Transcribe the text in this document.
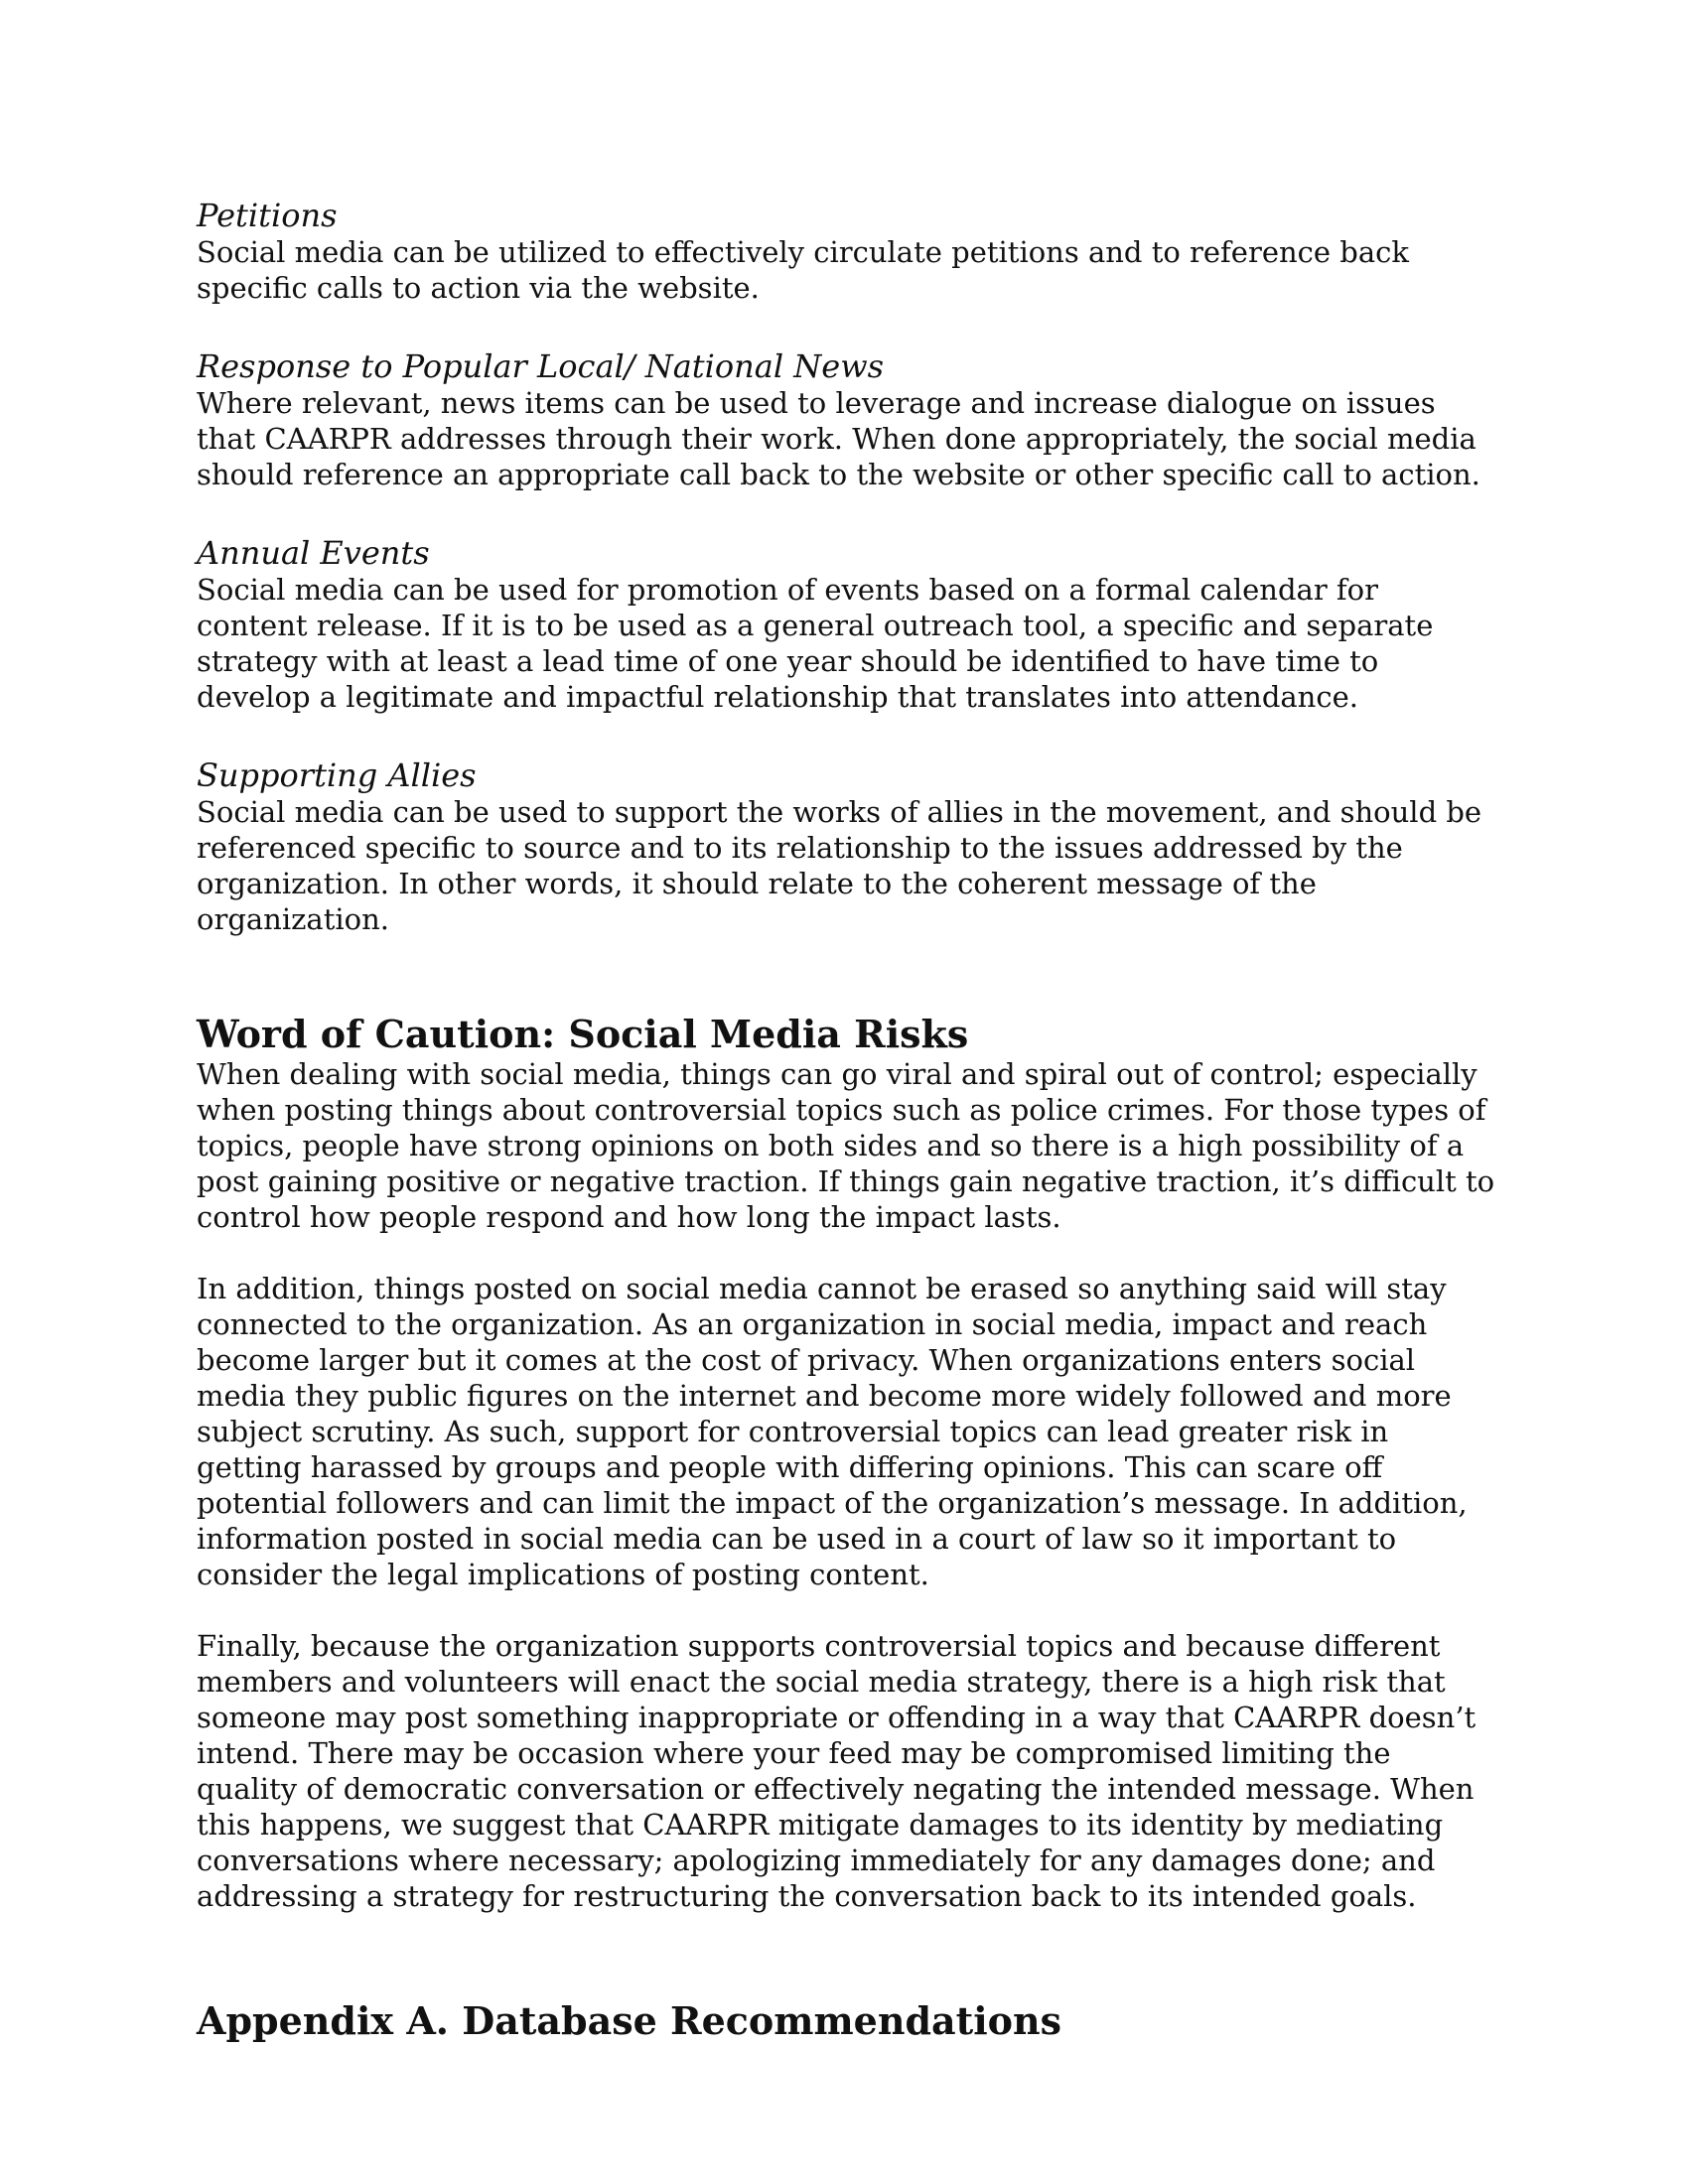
Petitions

Social media can be utilized to effectively circulate petitions and to reference back specific calls to action via the website.

Response to Popular Local/ National News

Where relevant, news items can be used to leverage and increase dialogue on issues that CAARPR addresses through their work. When done appropriately, the social media should reference an appropriate call back to the website or other specific call to action.

Annual Events

Social media can be used for promotion of events based on a formal calendar for content release. If it is to be used as a general outreach tool, a specific and separate strategy with at least a lead time of one year should be identified to have time to develop a legitimate and impactful relationship that translates into attendance.

Supporting Allies

Social media can be used to support the works of allies in the movement, and should be referenced specific to source and to its relationship to the issues addressed by the organization. In other words, it should relate to the coherent message of the organization.

Word of Caution: Social Media Risks

When dealing with social media, things can go viral and spiral out of control; especially when posting things about controversial topics such as police crimes. For those types of topics, people have strong opinions on both sides and so there is a high possibility of a post gaining positive or negative traction. If things gain negative traction, it’s difficult to control how people respond and how long the impact lasts.

In addition, things posted on social media cannot be erased so anything said will stay connected to the organization. As an organization in social media, impact and reach become larger but it comes at the cost of privacy. When organizations enters social media they public figures on the internet and become more widely followed and more subject scrutiny. As such, support for controversial topics can lead greater risk in getting harassed by groups and people with differing opinions. This can scare off potential followers and can limit the impact of the organization’s message. In addition, information posted in social media can be used in a court of law so it important to consider the legal implications of posting content.

Finally, because the organization supports controversial topics and because different members and volunteers will enact the social media strategy, there is a high risk that someone may post something inappropriate or offending in a way that CAARPR doesn’t intend. There may be occasion where your feed may be compromised limiting the quality of democratic conversation or effectively negating the intended message. When this happens, we suggest that CAARPR mitigate damages to its identity by mediating conversations where necessary; apologizing immediately for any damages done; and addressing a strategy for restructuring the conversation back to its intended goals.

Appendix A. Database Recommendations
